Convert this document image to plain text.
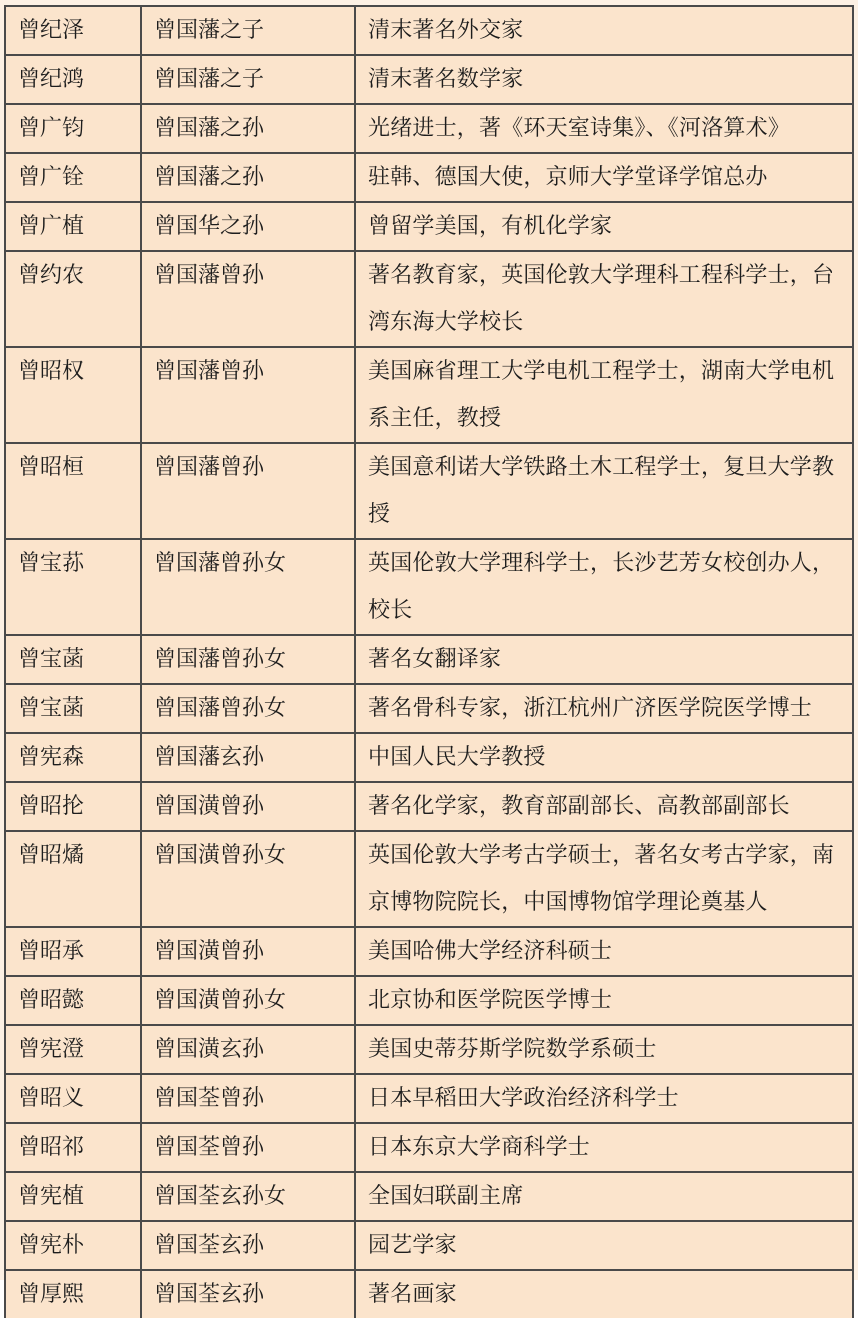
曾纪泽	曾国藩之子	清末著名外交家
曾纪鸿	曾国藩之子	清末著名数学家
曾广钧	曾国藩之孙	光绪进士，著《环天室诗集》、《河洛算术》
曾广铨	曾国藩之孙	驻韩、德国大使，京师大学堂译学馆总办
曾广植	曾国华之孙	曾留学美国，有机化学家
曾约农	曾国藩曾孙	著名教育家，英国伦敦大学理科工程科学士，台湾东海大学校长
曾昭权	曾国藩曾孙	美国麻省理工大学电机工程学士，湖南大学电机系主任，教授
曾昭桓	曾国藩曾孙	美国意利诺大学铁路土木工程学士，复旦大学教授
曾宝荪	曾国藩曾孙女	英国伦敦大学理科学士，长沙艺芳女校创办人，校长
曾宝菡	曾国藩曾孙女	著名女翻译家
曾宝菡	曾国藩曾孙女	著名骨科专家，浙江杭州广济医学院医学博士
曾宪森	曾国藩玄孙	中国人民大学教授
曾昭抡	曾国潢曾孙	著名化学家，教育部副部长、高教部副部长
曾昭燏	曾国潢曾孙女	英国伦敦大学考古学硕士，著名女考古学家，南京博物院院长，中国博物馆学理论奠基人
曾昭承	曾国潢曾孙	美国哈佛大学经济科硕士
曾昭懿	曾国潢曾孙女	北京协和医学院医学博士
曾宪澄	曾国潢玄孙	美国史蒂芬斯学院数学系硕士
曾昭义	曾国荃曾孙	日本早稻田大学政治经济科学士
曾昭祁	曾国荃曾孙	日本东京大学商科学士
曾宪植	曾国荃玄孙女	全国妇联副主席
曾宪朴	曾国荃玄孙	园艺学家
曾厚熙	曾国荃玄孙	著名画家
